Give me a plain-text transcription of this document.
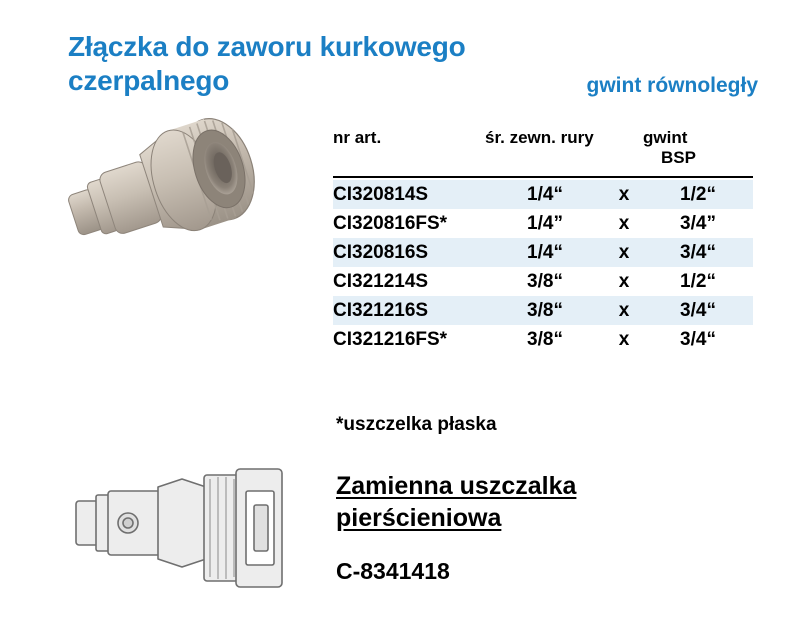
Złączka do zaworu kurkowego czerpalnego	gwint równoległy
nr art.	śr. zewn. rury		gwint
BSP
CI320814S	1/4“	x	1/2“
CI320816FS*	1/4”	x	3/4”
CI320816S	1/4“	x	3/4“
CI321214S	3/8“	x	1/2“
CI321216S	3/8“	x	3/4“
CI321216FS*	3/8“	x	3/4“
*uszczelka płaska
Zamienna uszczalka pierścieniowa
C-8341418
